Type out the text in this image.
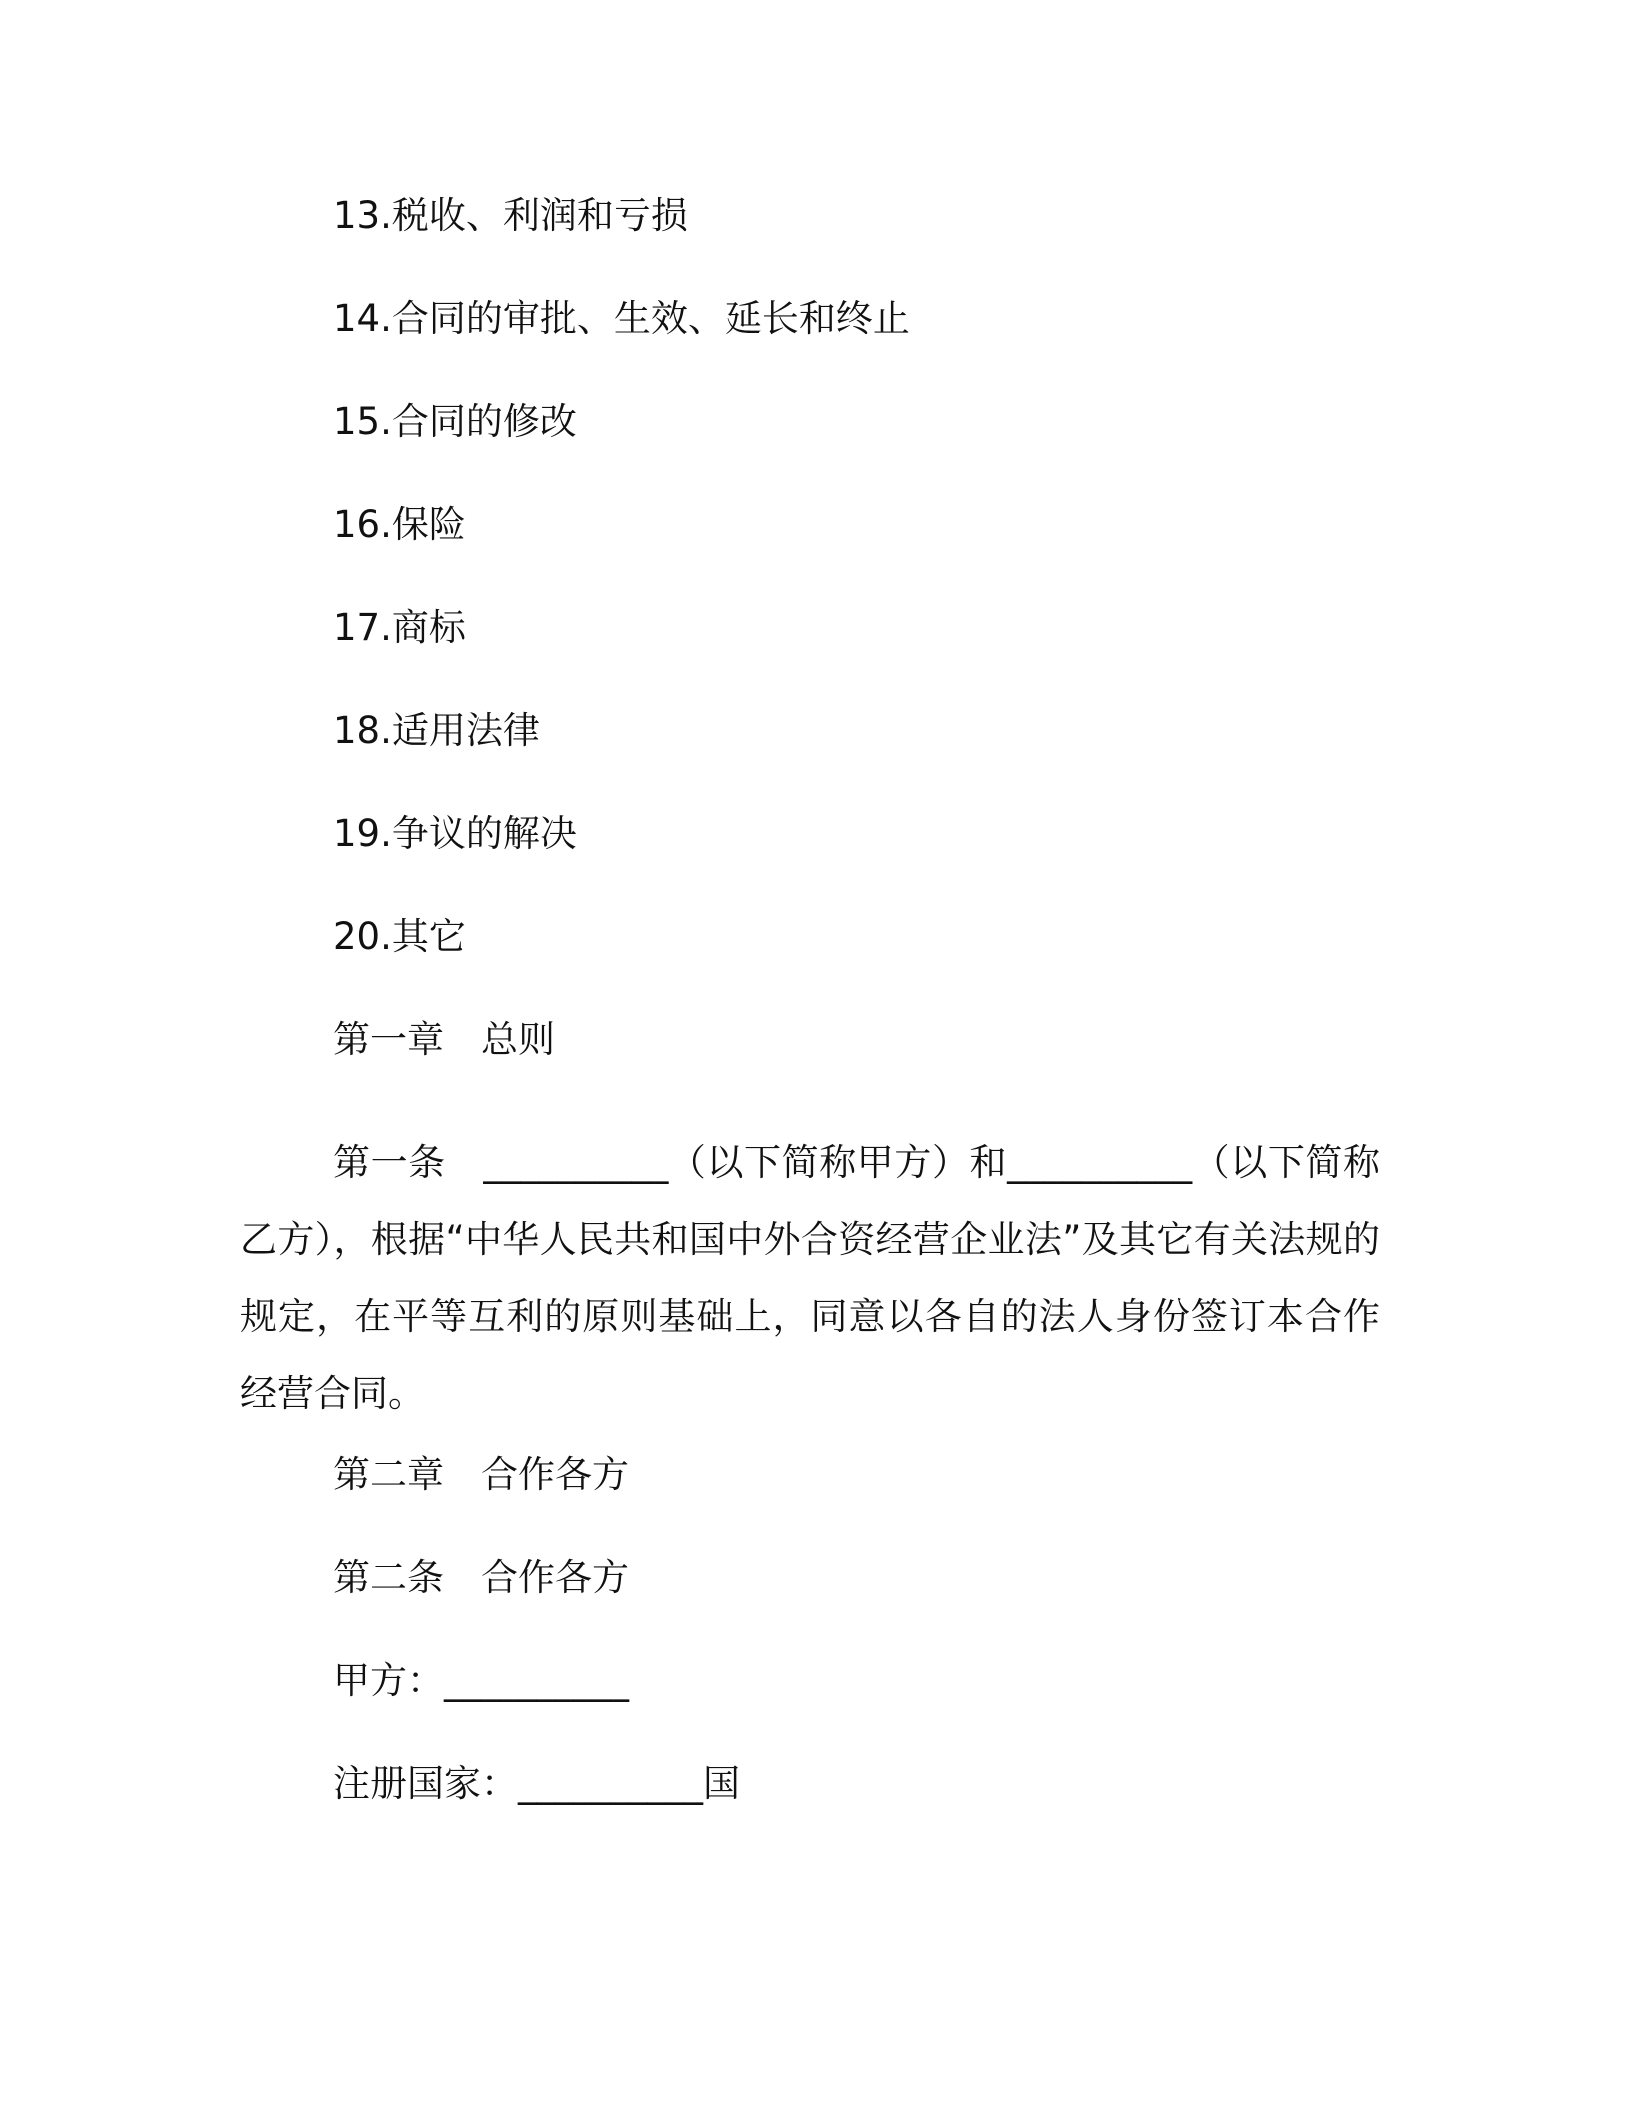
13.税收、利润和亏损
14.合同的审批、生效、延长和终止
15.合同的修改
16.保险
17.商标
18.适用法律
19.争议的解决
20.其它
第一章　总则
第一条　__________（以下简称甲方）和__________（以下简称乙方），根据“中华人民共和国中外合资经营企业法”及其它有关法规的规定，在平等互利的原则基础上，同意以各自的法人身份签订本合作经营合同。
第二章　合作各方
第二条　合作各方
甲方：__________
注册国家：__________国
